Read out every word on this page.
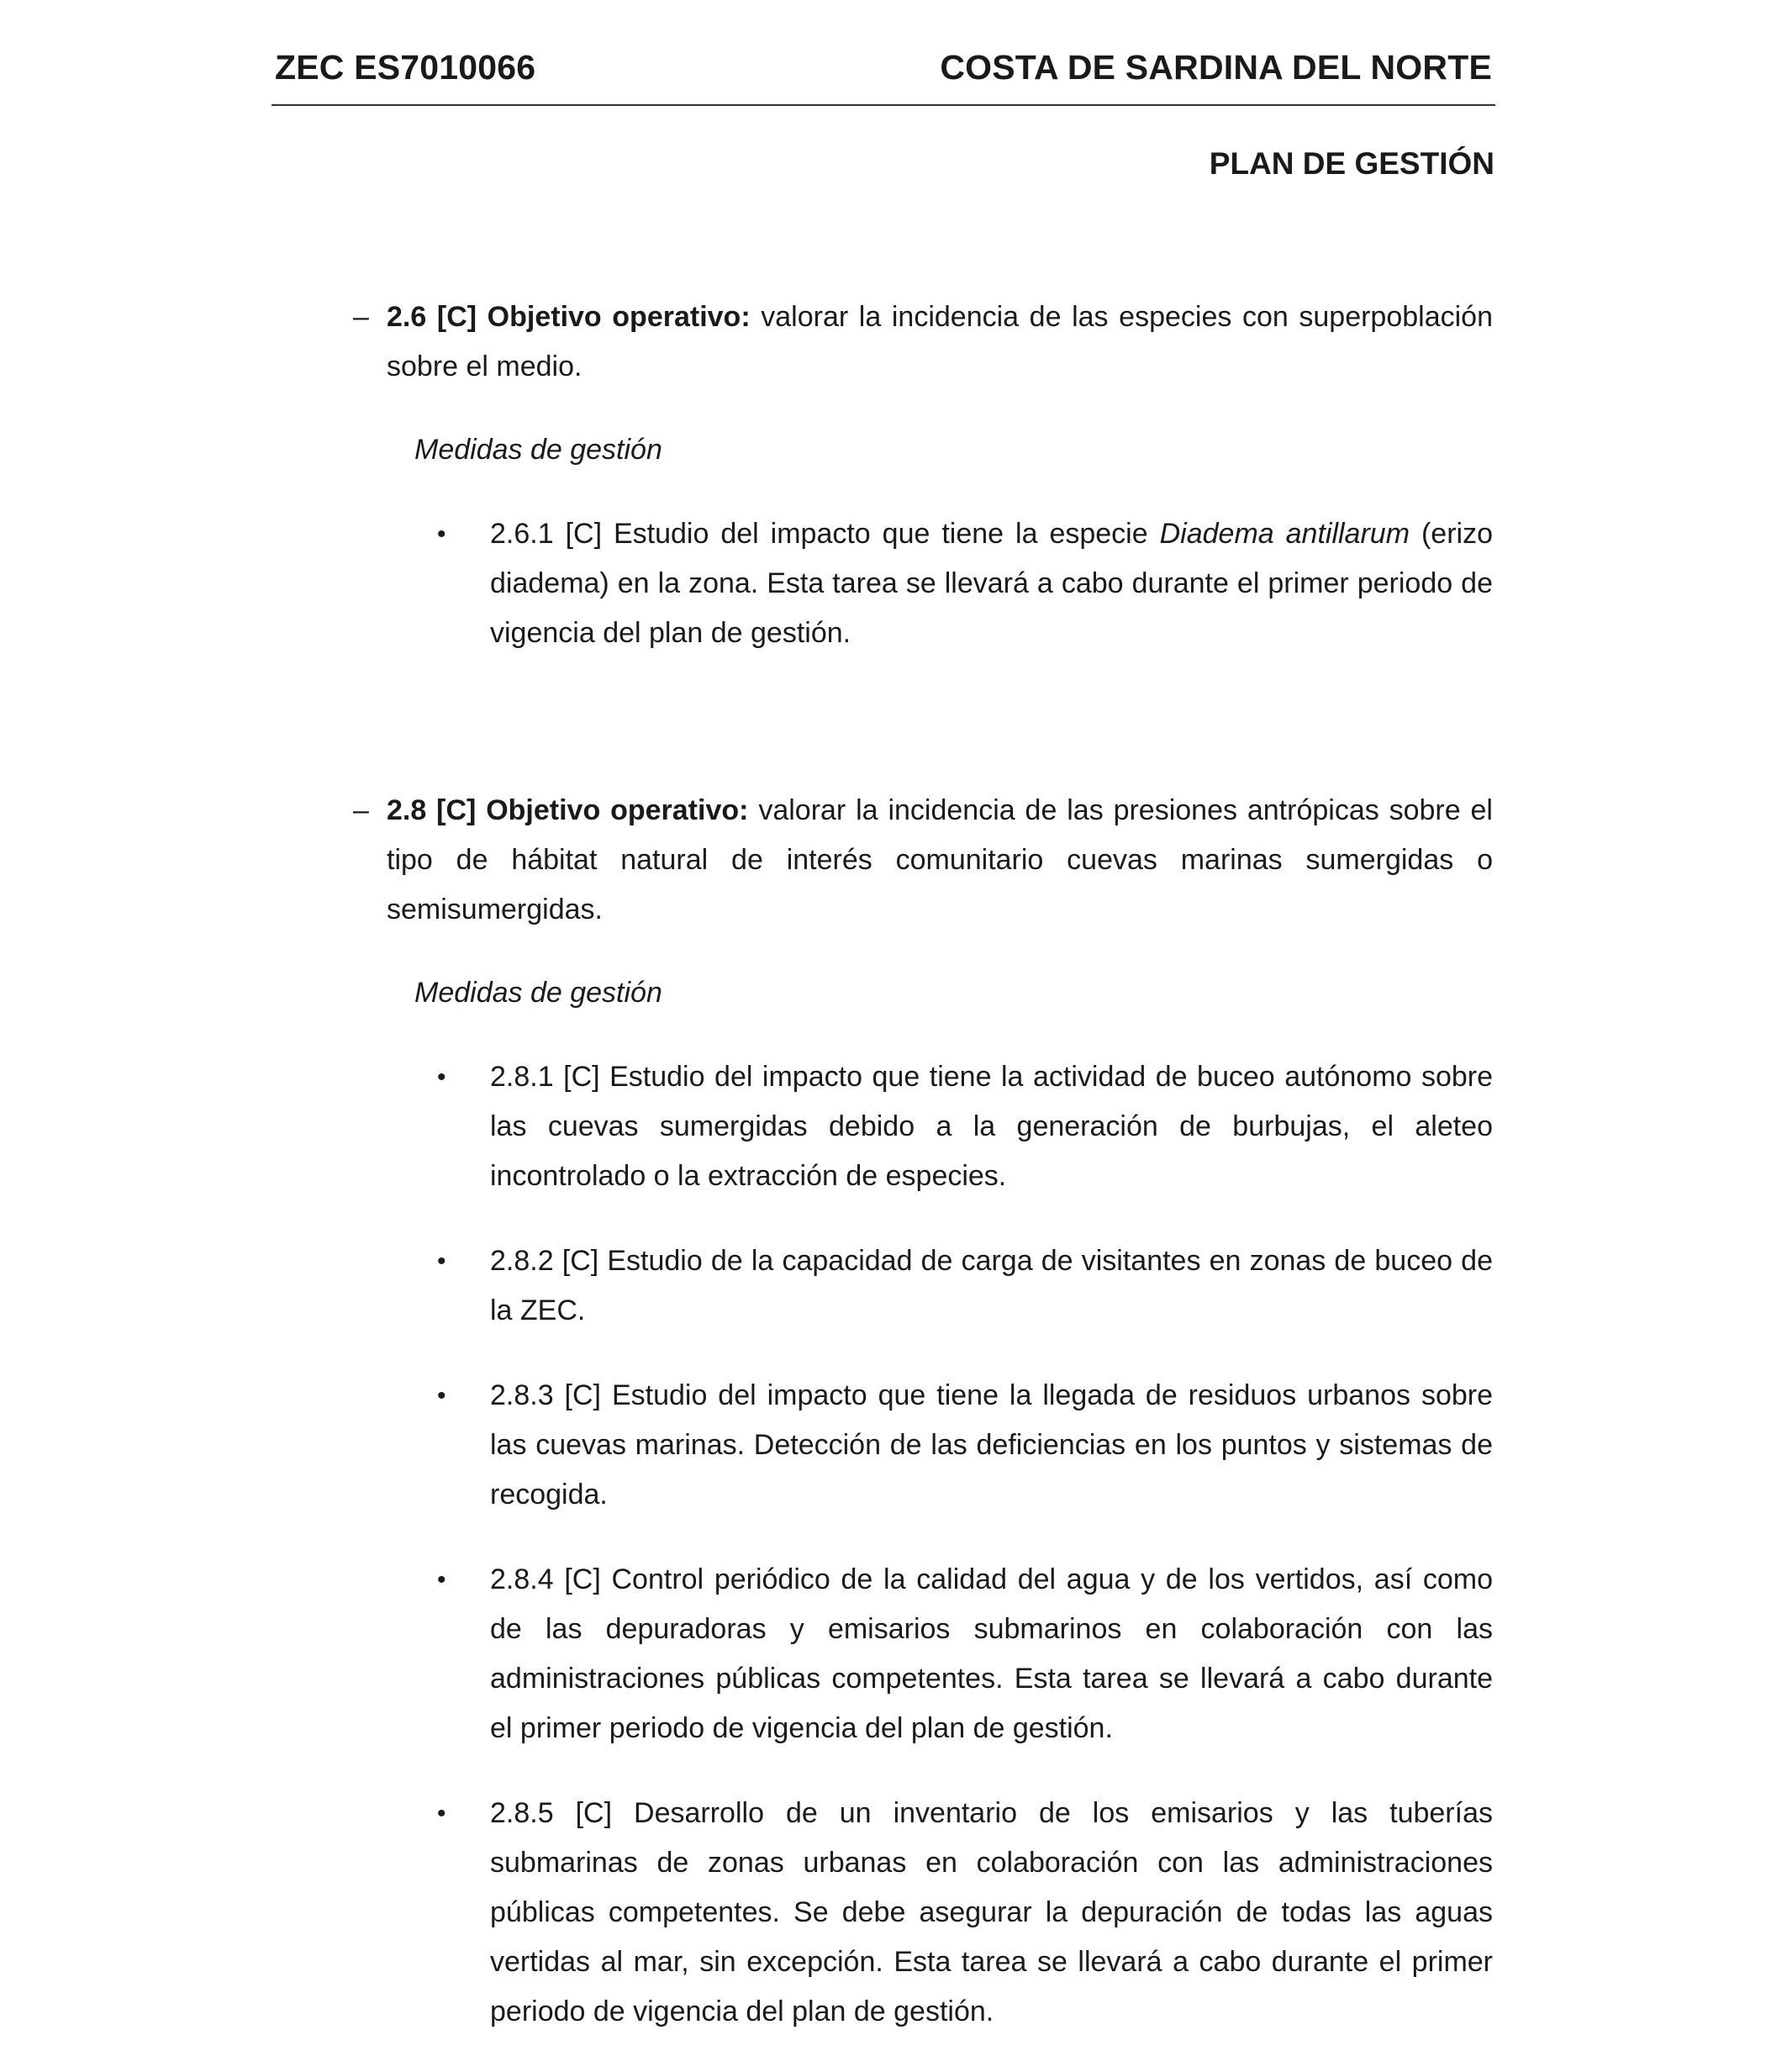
ZEC ES7010066	COSTA DE SARDINA DEL NORTE
PLAN DE GESTIÓN
– 2.6 [C] Objetivo operativo: valorar la incidencia de las especies con superpoblación sobre el medio.
Medidas de gestión
• 2.6.1 [C] Estudio del impacto que tiene la especie Diadema antillarum (erizo diadema) en la zona. Esta tarea se llevará a cabo durante el primer periodo de vigencia del plan de gestión.
– 2.8 [C] Objetivo operativo: valorar la incidencia de las presiones antrópicas sobre el tipo de hábitat natural de interés comunitario cuevas marinas sumergidas o semisumergidas.
Medidas de gestión
• 2.8.1 [C] Estudio del impacto que tiene la actividad de buceo autónomo sobre las cuevas sumergidas debido a la generación de burbujas, el aleteo incontrolado o la extracción de especies.
• 2.8.2 [C] Estudio de la capacidad de carga de visitantes en zonas de buceo de la ZEC.
• 2.8.3 [C] Estudio del impacto que tiene la llegada de residuos urbanos sobre las cuevas marinas. Detección de las deficiencias en los puntos y sistemas de recogida.
• 2.8.4 [C] Control periódico de la calidad del agua y de los vertidos, así como de las depuradoras y emisarios submarinos en colaboración con las administraciones públicas competentes. Esta tarea se llevará a cabo durante el primer periodo de vigencia del plan de gestión.
• 2.8.5 [C] Desarrollo de un inventario de los emisarios y las tuberías submarinas de zonas urbanas en colaboración con las administraciones públicas competentes. Se debe asegurar la depuración de todas las aguas vertidas al mar, sin excepción. Esta tarea se llevará a cabo durante el primer periodo de vigencia del plan de gestión.
